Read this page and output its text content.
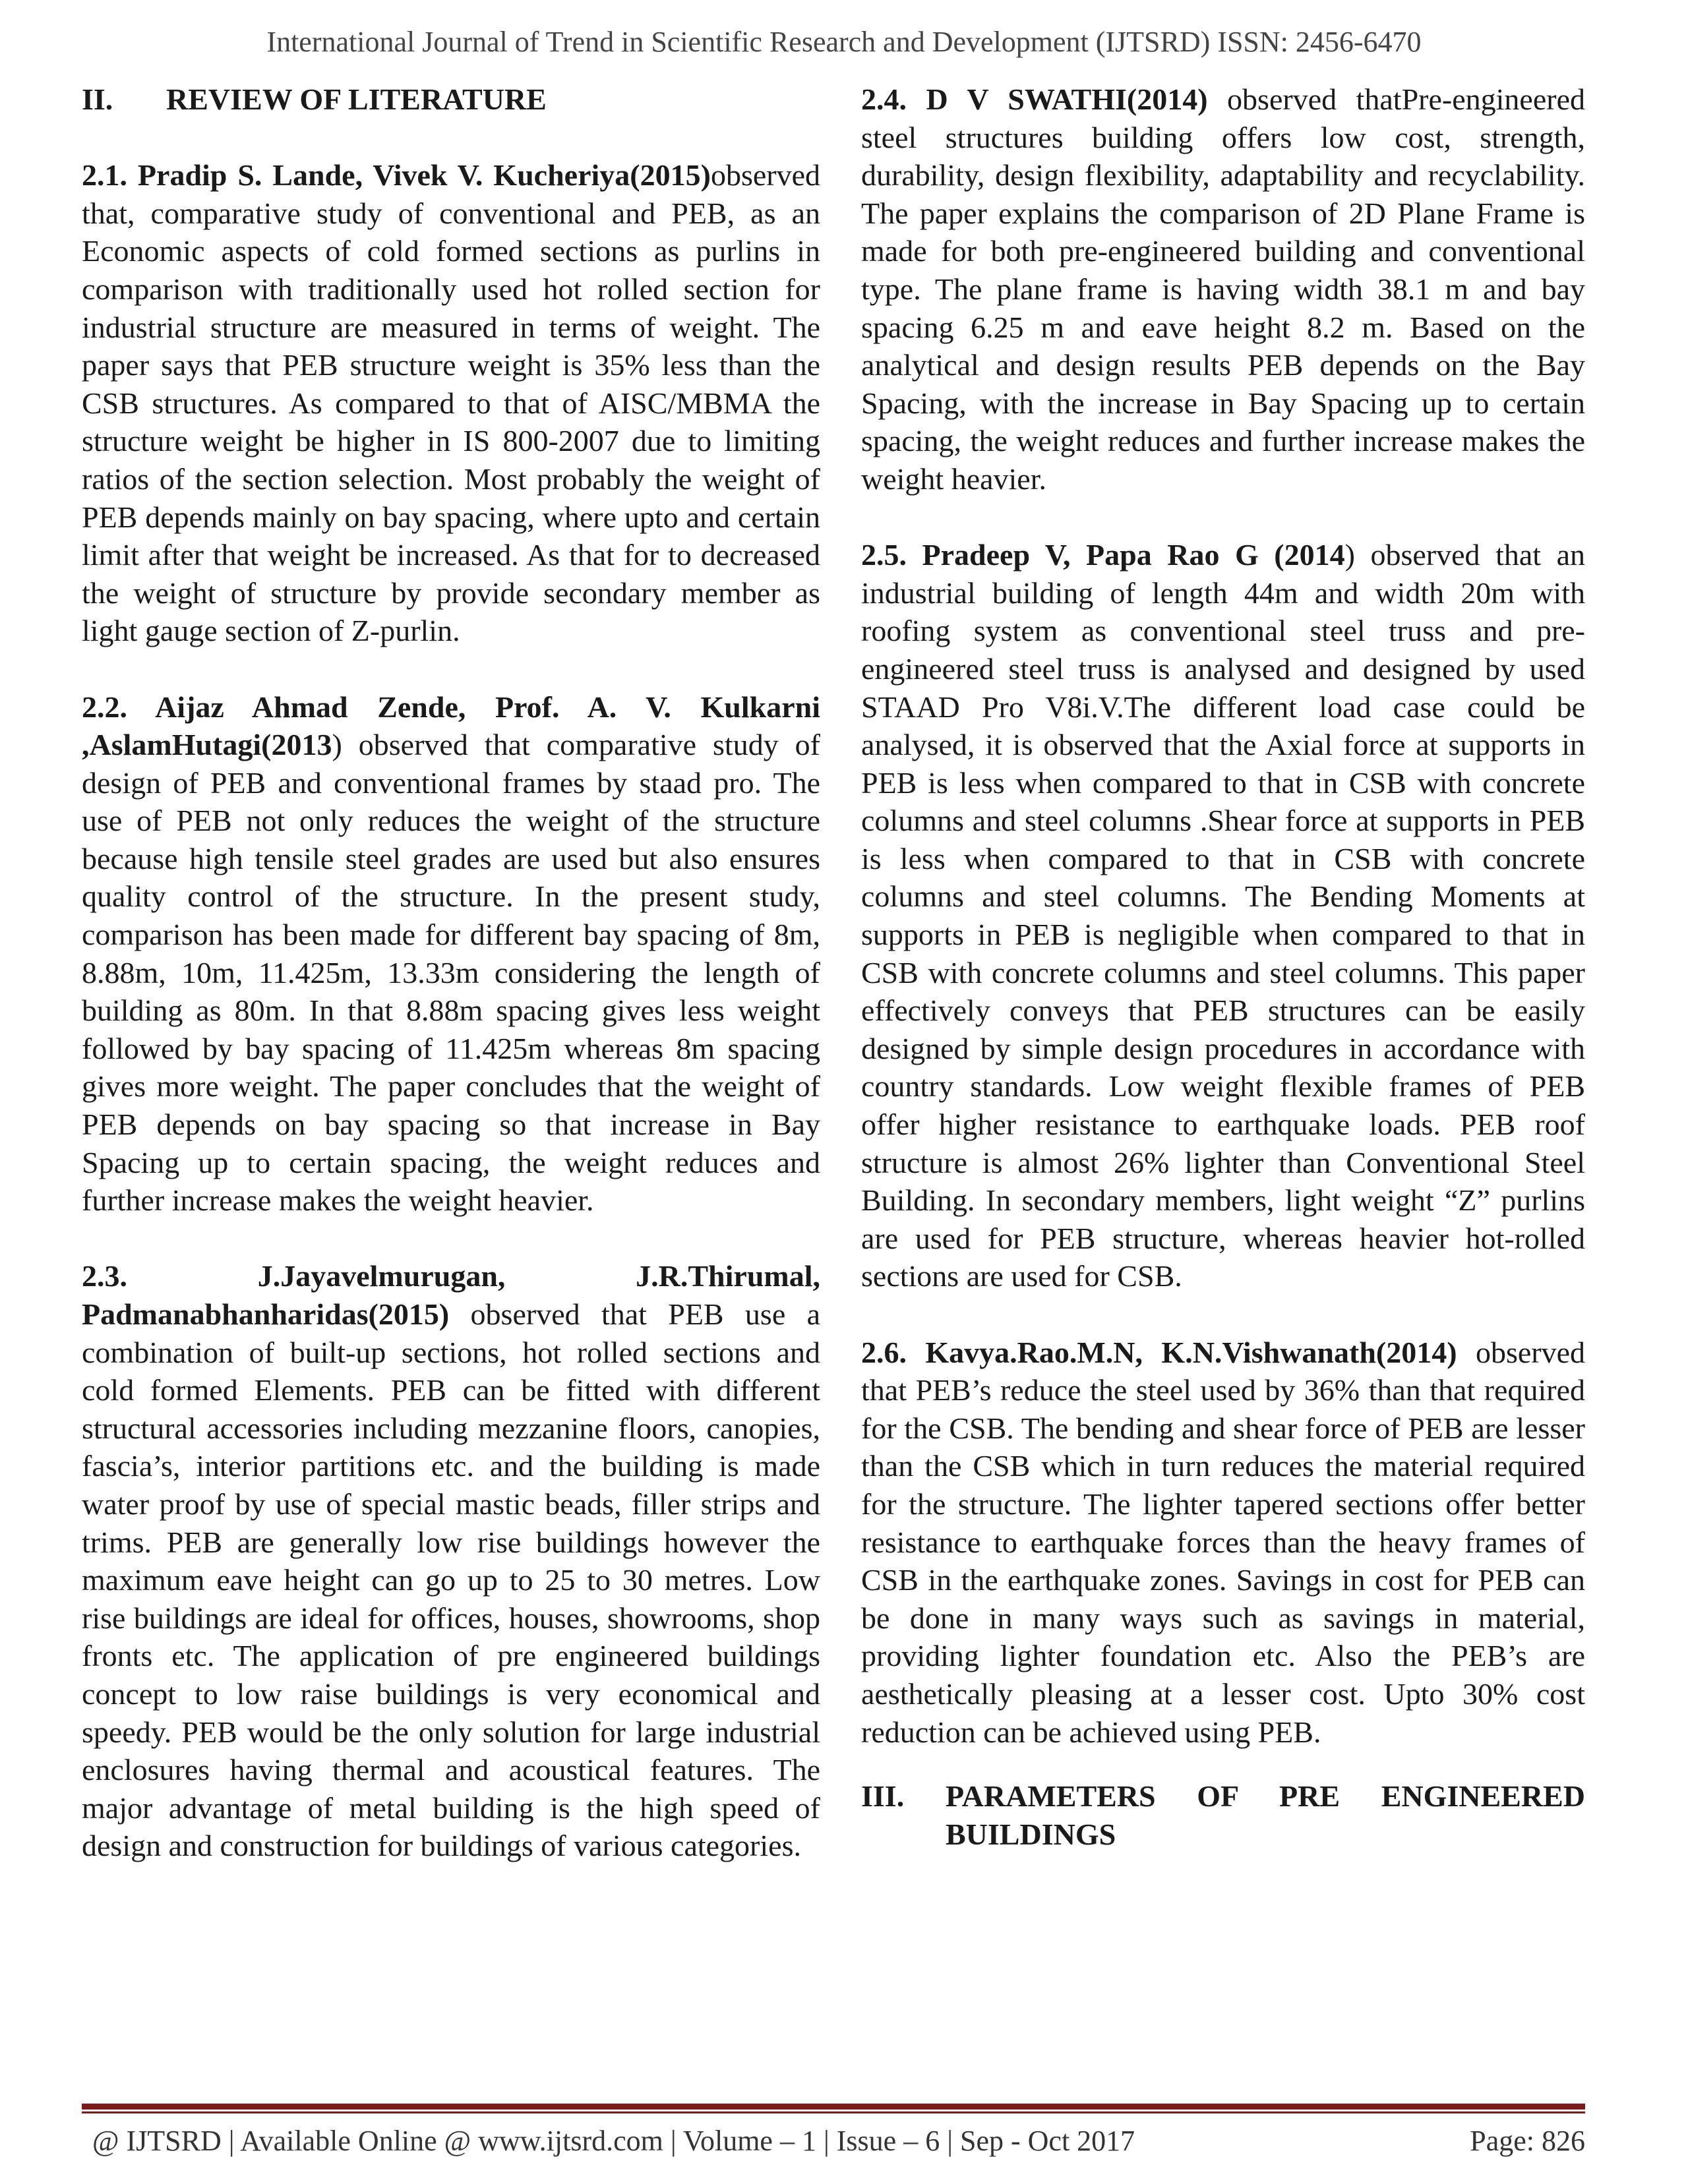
International Journal of Trend in Scientific Research and Development (IJTSRD) ISSN: 2456-6470
II.	REVIEW OF LITERATURE

2.1. Pradip S. Lande, Vivek V. Kucheriya(2015)observed that, comparative study of conventional and PEB, as an Economic aspects of cold formed sections as purlins in comparison with traditionally used hot rolled section for industrial structure are measured in terms of weight. The paper says that PEB structure weight is 35% less than the CSB structures. As compared to that of AISC/MBMA the structure weight be higher in IS 800-2007 due to limiting ratios of the section selection. Most probably the weight of PEB depends mainly on bay spacing, where upto and certain limit after that weight be increased. As that for to decreased the weight of structure by provide secondary member as light gauge section of Z-purlin.

2.2. Aijaz Ahmad Zende, Prof. A. V. Kulkarni ,AslamHutagi(2013) observed that comparative study of design of PEB and conventional frames by staad pro. The use of PEB not only reduces the weight of the structure because high tensile steel grades are used but also ensures quality control of the structure. In the present study, comparison has been made for different bay spacing of 8m, 8.88m, 10m, 11.425m, 13.33m considering the length of building as 80m. In that 8.88m spacing gives less weight followed by bay spacing of 11.425m whereas 8m spacing gives more weight. The paper concludes that the weight of PEB depends on bay spacing so that increase in Bay Spacing up to certain spacing, the weight reduces and further increase makes the weight heavier.

2.3. J.Jayavelmurugan, J.R.Thirumal, Padmanabhanharidas(2015) observed that PEB use a combination of built-up sections, hot rolled sections and cold formed Elements. PEB can be fitted with different structural accessories including mezzanine floors, canopies, fascia’s, interior partitions etc. and the building is made water proof by use of special mastic beads, filler strips and trims. PEB are generally low rise buildings however the maximum eave height can go up to 25 to 30 metres. Low rise buildings are ideal for offices, houses, showrooms, shop fronts etc. The application of pre engineered buildings concept to low raise buildings is very economical and speedy. PEB would be the only solution for large industrial enclosures having thermal and acoustical features. The major advantage of metal building is the high speed of design and construction for buildings of various categories.

2.4. D V SWATHI(2014) observed thatPre-engineered steel structures building offers low cost, strength, durability, design flexibility, adaptability and recyclability. The paper explains the comparison of 2D Plane Frame is made for both pre-engineered building and conventional type. The plane frame is having width 38.1 m and bay spacing 6.25 m and eave height 8.2 m. Based on the analytical and design results PEB depends on the Bay Spacing, with the increase in Bay Spacing up to certain spacing, the weight reduces and further increase makes the weight heavier.

2.5. Pradeep V, Papa Rao G (2014) observed that an industrial building of length 44m and width 20m with roofing system as conventional steel truss and pre-engineered steel truss is analysed and designed by used STAAD Pro V8i.V.The different load case could be analysed, it is observed that the Axial force at supports in PEB is less when compared to that in CSB with concrete columns and steel columns .Shear force at supports in PEB is less when compared to that in CSB with concrete columns and steel columns. The Bending Moments at supports in PEB is negligible when compared to that in CSB with concrete columns and steel columns. This paper effectively conveys that PEB structures can be easily designed by simple design procedures in accordance with country standards. Low weight flexible frames of PEB offer higher resistance to earthquake loads. PEB roof structure is almost 26% lighter than Conventional Steel Building. In secondary members, light weight “Z” purlins are used for PEB structure, whereas heavier hot-rolled sections are used for CSB.

2.6. Kavya.Rao.M.N, K.N.Vishwanath(2014) observed that PEB’s reduce the steel used by 36% than that required for the CSB. The bending and shear force of PEB are lesser than the CSB which in turn reduces the material required for the structure. The lighter tapered sections offer better resistance to earthquake forces than the heavy frames of CSB in the earthquake zones. Savings in cost for PEB can be done in many ways such as savings in material, providing lighter foundation etc. Also the PEB’s are aesthetically pleasing at a lesser cost. Upto 30% cost reduction can be achieved using PEB.

III.	PARAMETERS OF PRE ENGINEERED BUILDINGS
@ IJTSRD | Available Online @ www.ijtsrd.com | Volume – 1 | Issue – 6 | Sep - Oct 2017	Page: 826
